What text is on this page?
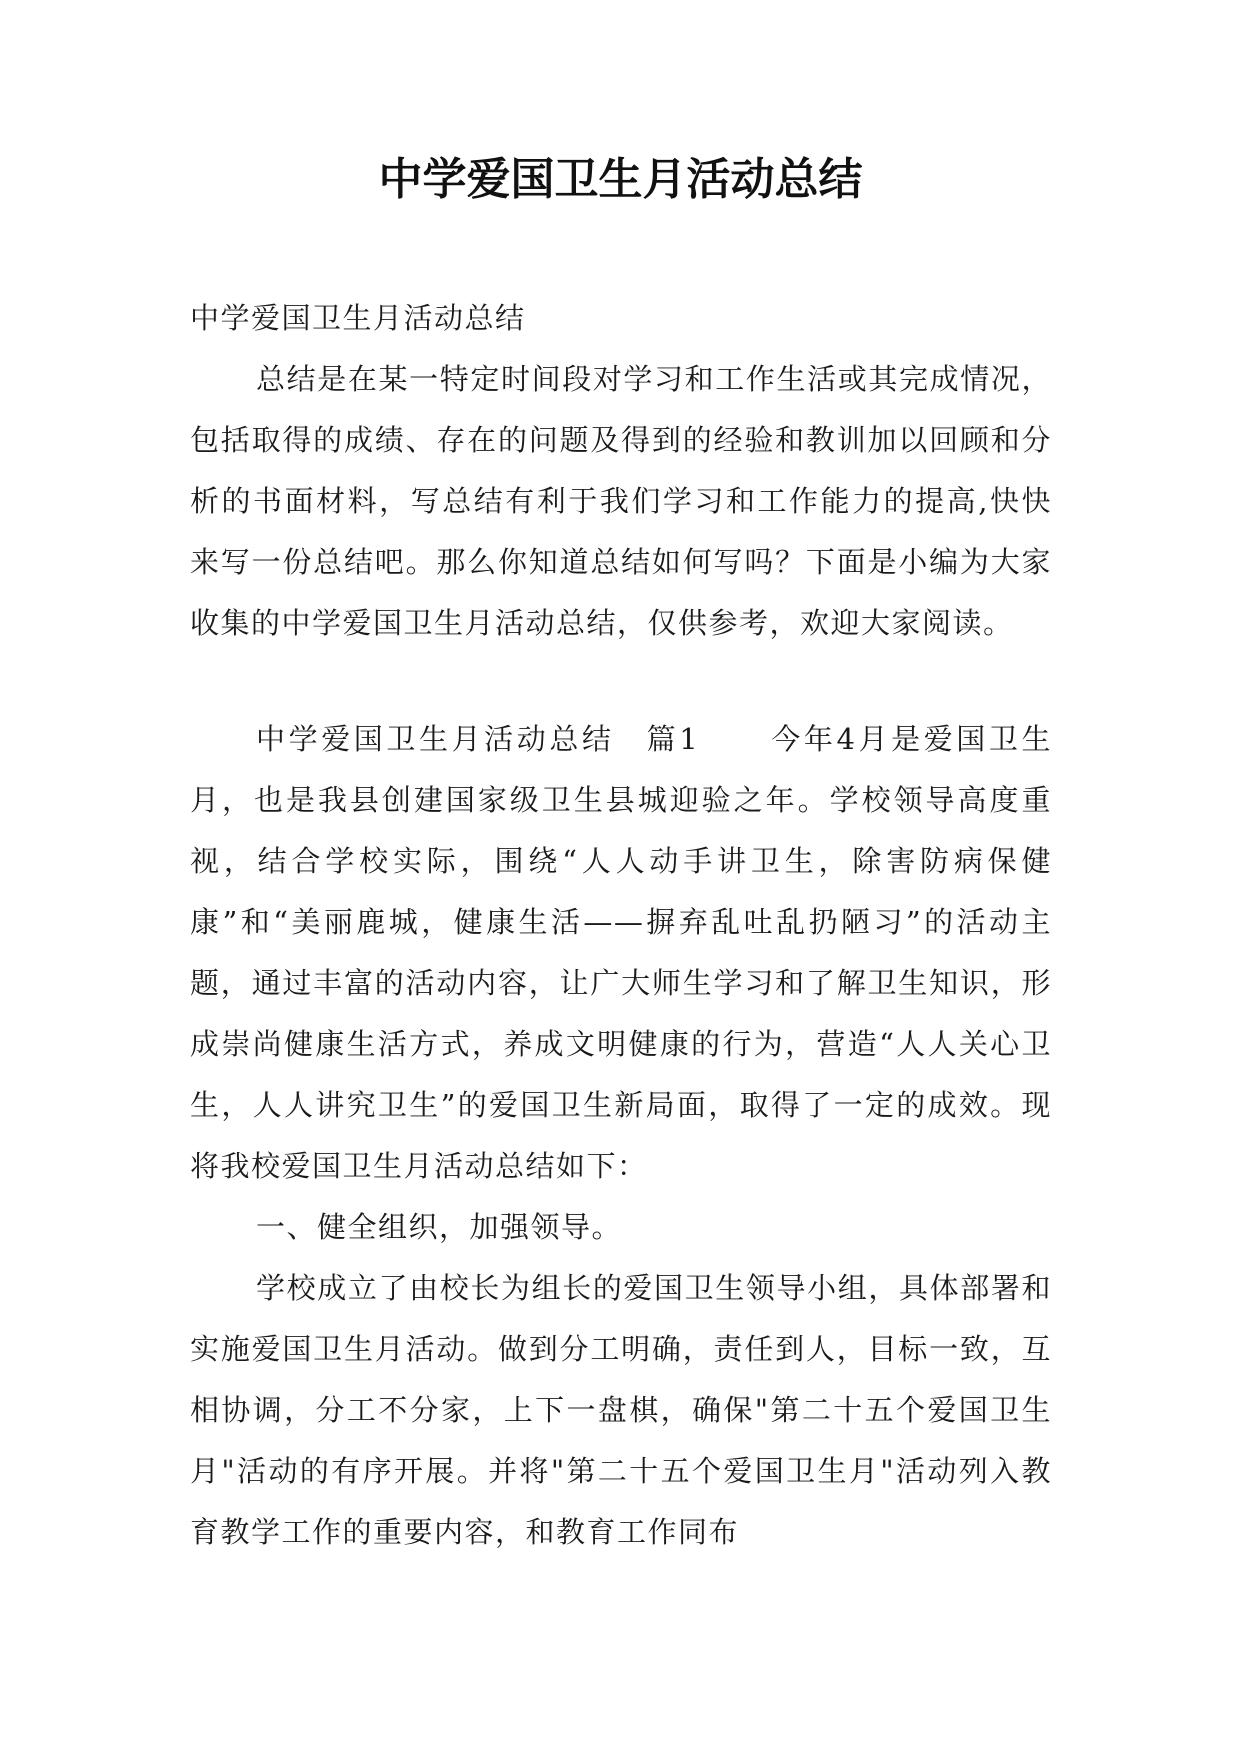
中学爱国卫生月活动总结

中学爱国卫生月活动总结

总结是在某一特定时间段对学习和工作生活或其完成情况，包括取得的成绩、存在的问题及得到的经验和教训加以回顾和分析的书面材料，写总结有利于我们学习和工作能力的提高,快快来写一份总结吧。那么你知道总结如何写吗？下面是小编为大家收集的中学爱国卫生月活动总结，仅供参考，欢迎大家阅读。

中学爱国卫生月活动总结 篇1 今年4月是爱国卫生月，也是我县创建国家级卫生县城迎验之年。学校领导高度重视，结合学校实际，围绕“人人动手讲卫生，除害防病保健康”和“美丽鹿城，健康生活——摒弃乱吐乱扔陋习”的活动主题，通过丰富的活动内容，让广大师生学习和了解卫生知识，形成崇尚健康生活方式，养成文明健康的行为，营造“人人关心卫生，人人讲究卫生”的爱国卫生新局面，取得了一定的成效。现将我校爱国卫生月活动总结如下：

一、健全组织，加强领导。

学校成立了由校长为组长的爱国卫生领导小组，具体部署和实施爱国卫生月活动。做到分工明确，责任到人，目标一致，互相协调，分工不分家，上下一盘棋，确保"第二十五个爱国卫生月"活动的有序开展。并将"第二十五个爱国卫生月"活动列入教育教学工作的重要内容，和教育工作同布
